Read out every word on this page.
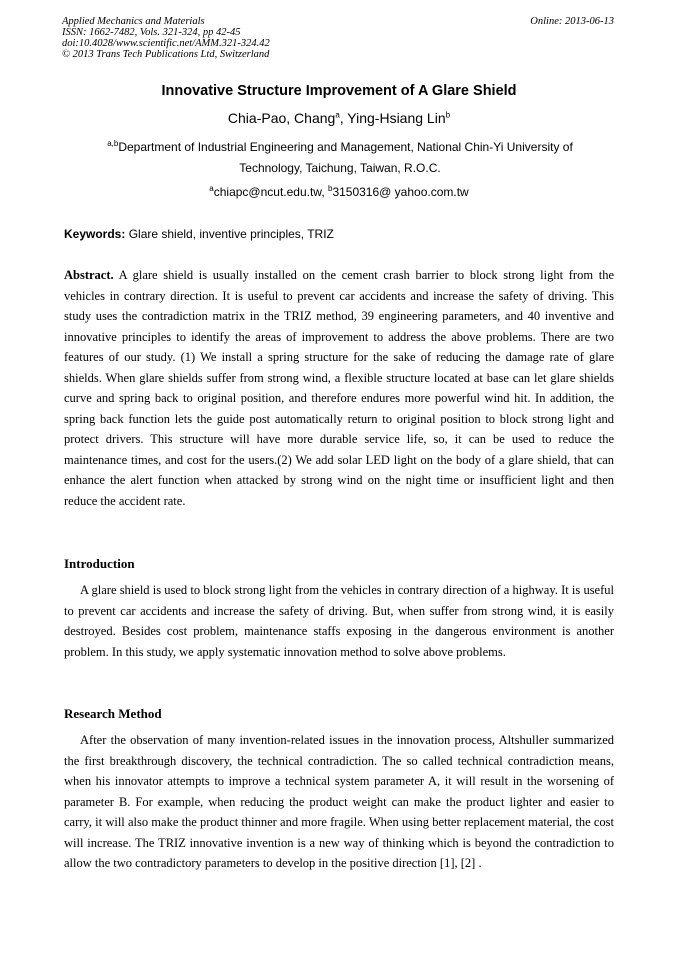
Applied Mechanics and Materials
ISSN: 1662-7482, Vols. 321-324, pp 42-45
doi:10.4028/www.scientific.net/AMM.321-324.42
© 2013 Trans Tech Publications Ltd, Switzerland
Online: 2013-06-13
Innovative Structure Improvement of A Glare Shield
Chia-Pao, Chang$^a$, Ying-Hsiang Lin$^b$
$^{a,b}$Department of Industrial Engineering and Management, National Chin-Yi University of Technology, Taichung, Taiwan, R.O.C.
$^a$chiapc@ncut.edu.tw, $^b$3150316@ yahoo.com.tw
Keywords: Glare shield, inventive principles, TRIZ
Abstract. A glare shield is usually installed on the cement crash barrier to block strong light from the vehicles in contrary direction. It is useful to prevent car accidents and increase the safety of driving. This study uses the contradiction matrix in the TRIZ method, 39 engineering parameters, and 40 inventive and innovative principles to identify the areas of improvement to address the above problems. There are two features of our study. (1) We install a spring structure for the sake of reducing the damage rate of glare shields. When glare shields suffer from strong wind, a flexible structure located at base can let glare shields curve and spring back to original position, and therefore endures more powerful wind hit. In addition, the spring back function lets the guide post automatically return to original position to block strong light and protect drivers. This structure will have more durable service life, so, it can be used to reduce the maintenance times, and cost for the users.(2) We add solar LED light on the body of a glare shield, that can enhance the alert function when attacked by strong wind on the night time or insufficient light and then reduce the accident rate.
Introduction
A glare shield is used to block strong light from the vehicles in contrary direction of a highway. It is useful to prevent car accidents and increase the safety of driving. But, when suffer from strong wind, it is easily destroyed. Besides cost problem, maintenance staffs exposing in the dangerous environment is another problem. In this study, we apply systematic innovation method to solve above problems.
Research Method
After the observation of many invention-related issues in the innovation process, Altshuller summarized the first breakthrough discovery, the technical contradiction. The so called technical contradiction means, when his innovator attempts to improve a technical system parameter A, it will result in the worsening of parameter B. For example, when reducing the product weight can make the product lighter and easier to carry, it will also make the product thinner and more fragile. When using better replacement material, the cost will increase. The TRIZ innovative invention is a new way of thinking which is beyond the contradiction to allow the two contradictory parameters to develop in the positive direction [1], [2] .
